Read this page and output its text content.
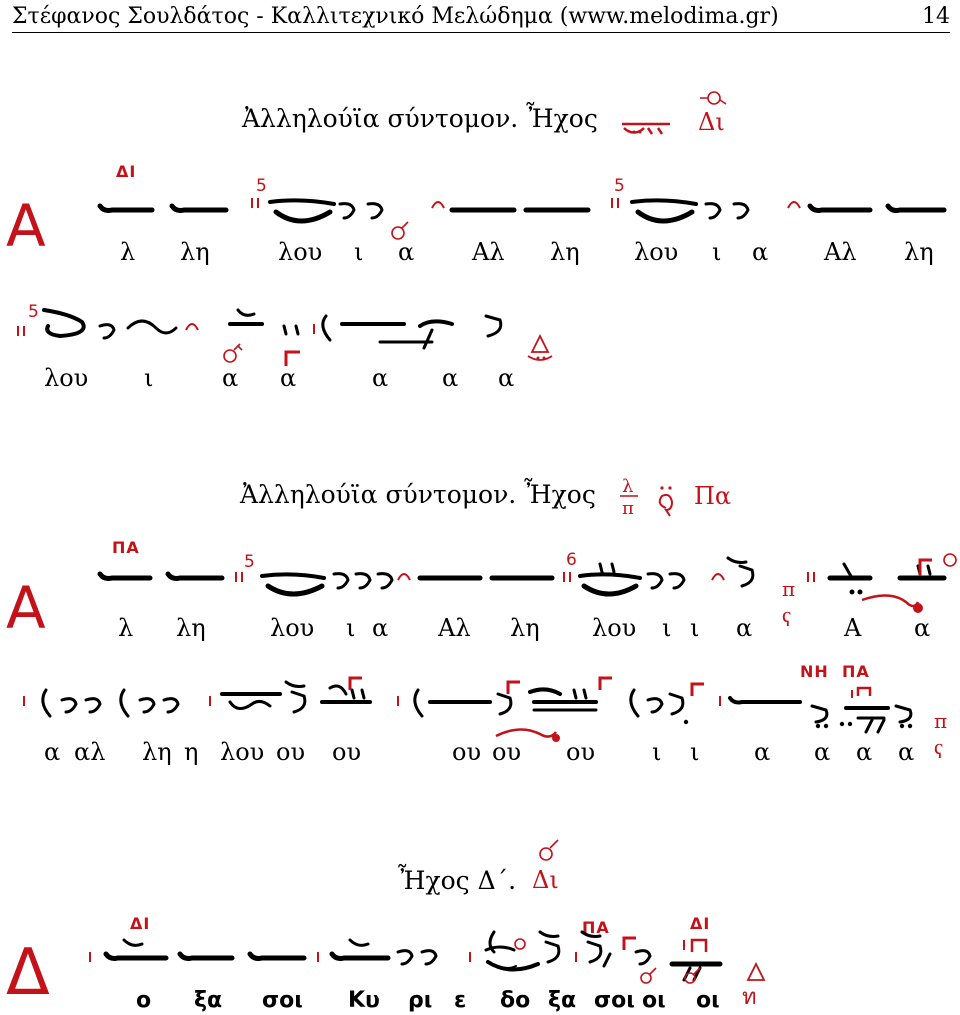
Στέφανος Σουλδάτος - Καλλιτεχνικό Μελώδημα (www.melodima.gr)	14
Ἀλληλούϊα σύντομον. Ἦχος	Δι
ΔΙ
Α
5	5
λ λη	λου ι α Αλ λη λου ι α Αλ λη
5
λου ι	α α	α α α
Ἀλληλούϊα σύντομον. Ἦχος λ
π	Πα
ΠΑ
Α
5	6
π
ҁ
λ λη	λου ι α Αλ λη λου ι ι α	Α α
ΝΗ ΠΑ
π
ҁ
α αλ λη η λου ου ου	ου ου ου ι ι α α α α
Ἦχος Δ΄. Δι
ΔΙ	ΠΑ	ΔΙ
Δ	ท
ο ξα σοι Κυ ρι ε δο ξα σοι οι οι
